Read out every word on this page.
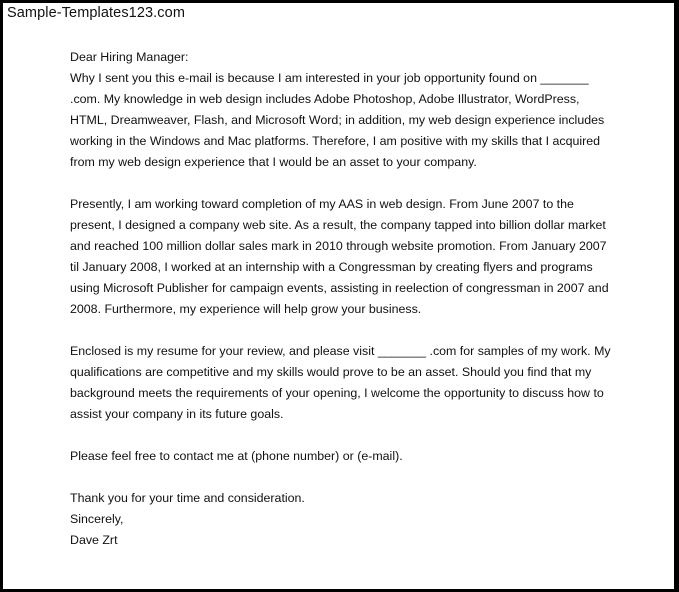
Sample-Templates123.com

Dear Hiring Manager:

Why I sent you this e-mail is because I am interested in your job opportunity found on _______

.com. My knowledge in web design includes Adobe Photoshop, Adobe Illustrator, WordPress,

HTML, Dreamweaver, Flash, and Microsoft Word; in addition, my web design experience includes

working in the Windows and Mac platforms. Therefore, I am positive with my skills that I acquired

from my web design experience that I would be an asset to your company.

Presently, I am working toward completion of my AAS in web design. From June 2007 to the

present, I designed a company web site. As a result, the company tapped into billion dollar market

and reached 100 million dollar sales mark in 2010 through website promotion. From January 2007

til January 2008, I worked at an internship with a Congressman by creating flyers and programs

using Microsoft Publisher for campaign events, assisting in reelection of congressman in 2007 and

2008. Furthermore, my experience will help grow your business.

Enclosed is my resume for your review, and please visit _______ .com for samples of my work. My

qualifications are competitive and my skills would prove to be an asset. Should you find that my

background meets the requirements of your opening, I welcome the opportunity to discuss how to

assist your company in its future goals.

Please feel free to contact me at (phone number) or (e-mail).

Thank you for your time and consideration.

Sincerely,

Dave Zrt
